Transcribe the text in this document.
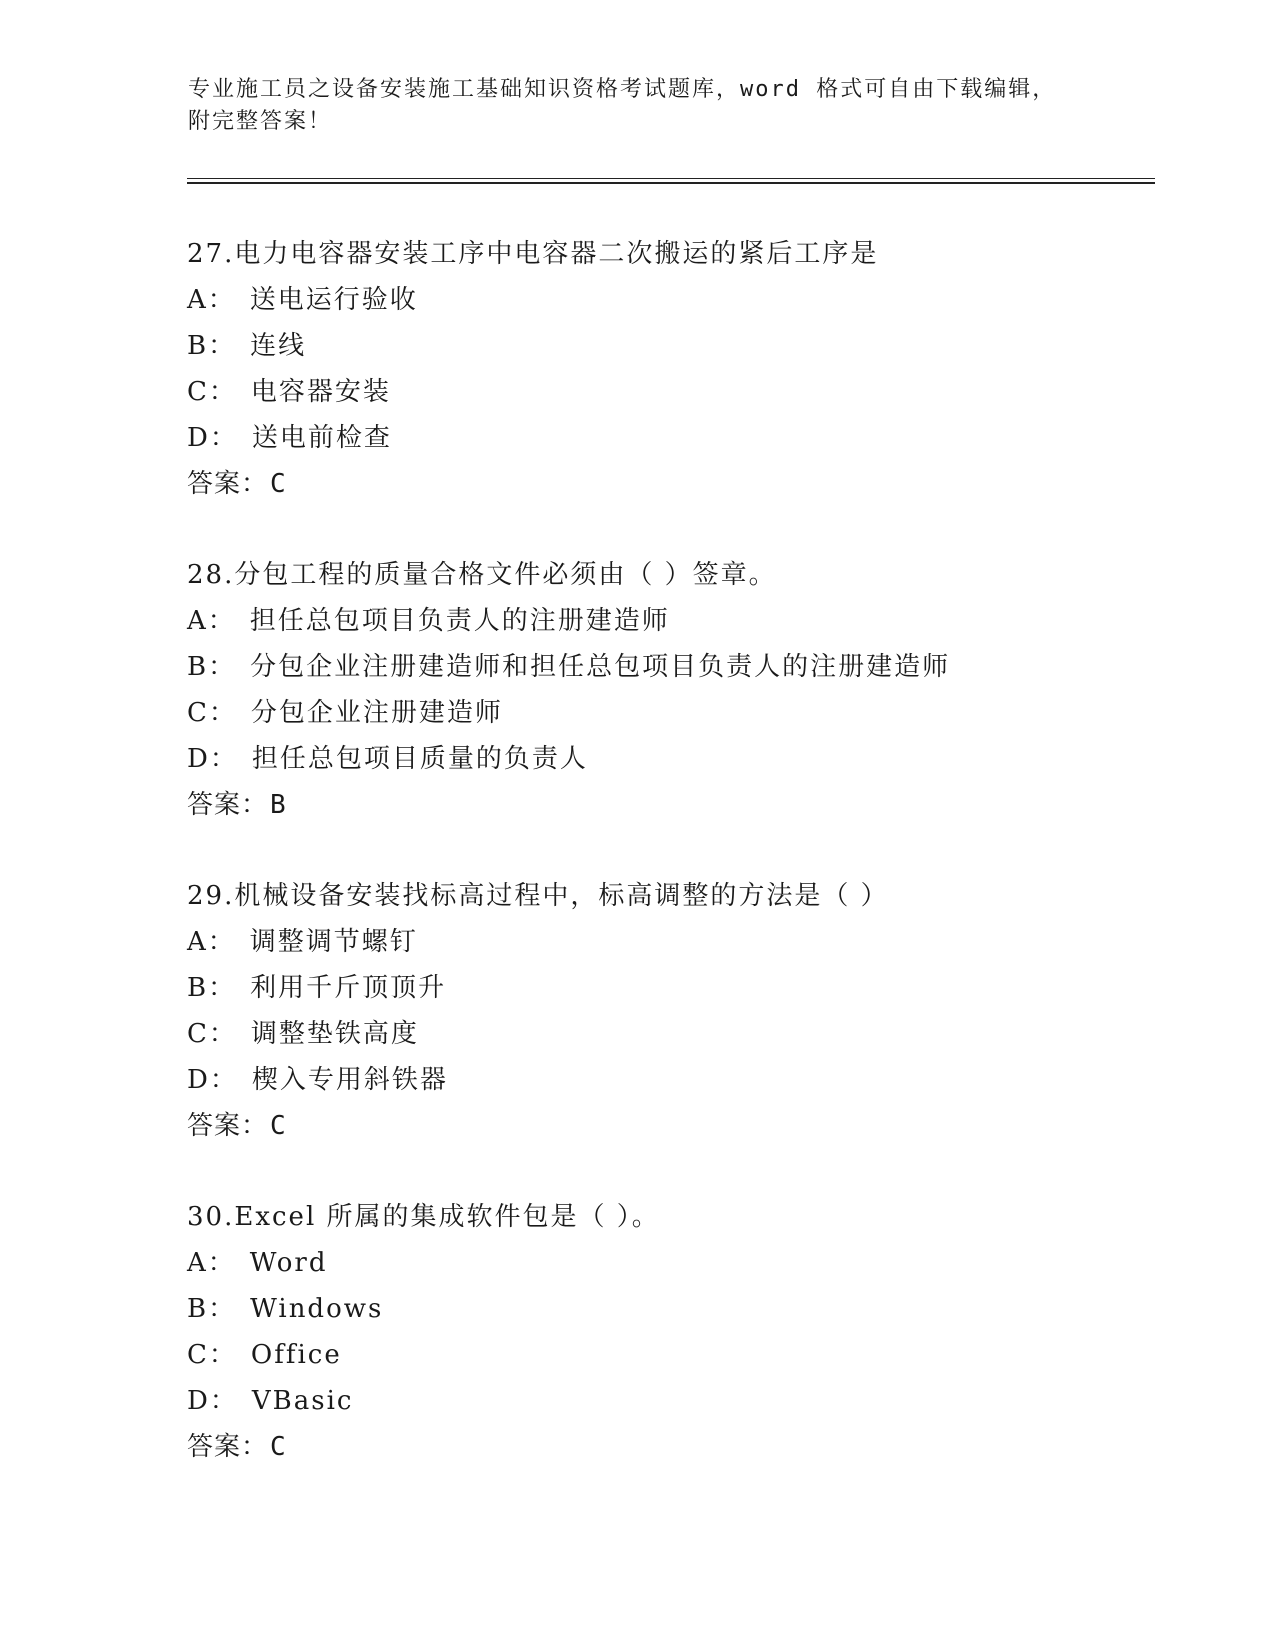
专业施工员之设备安装施工基础知识资格考试题库，word 格式可自由下载编辑，
附完整答案！
27.电力电容器安装工序中电容器二次搬运的紧后工序是
A： 送电运行验收
B： 连线
C： 电容器安装
D： 送电前检查
答案：C
28.分包工程的质量合格文件必须由（ ）签章。
A： 担任总包项目负责人的注册建造师
B： 分包企业注册建造师和担任总包项目负责人的注册建造师
C： 分包企业注册建造师
D： 担任总包项目质量的负责人
答案：B
29.机械设备安装找标高过程中，标高调整的方法是（ ）
A： 调整调节螺钉
B： 利用千斤顶顶升
C： 调整垫铁高度
D： 楔入专用斜铁器
答案：C
30.Excel 所属的集成软件包是（ ）。
A： Word
B： Windows
C： Office
D： VBasic
答案：C
